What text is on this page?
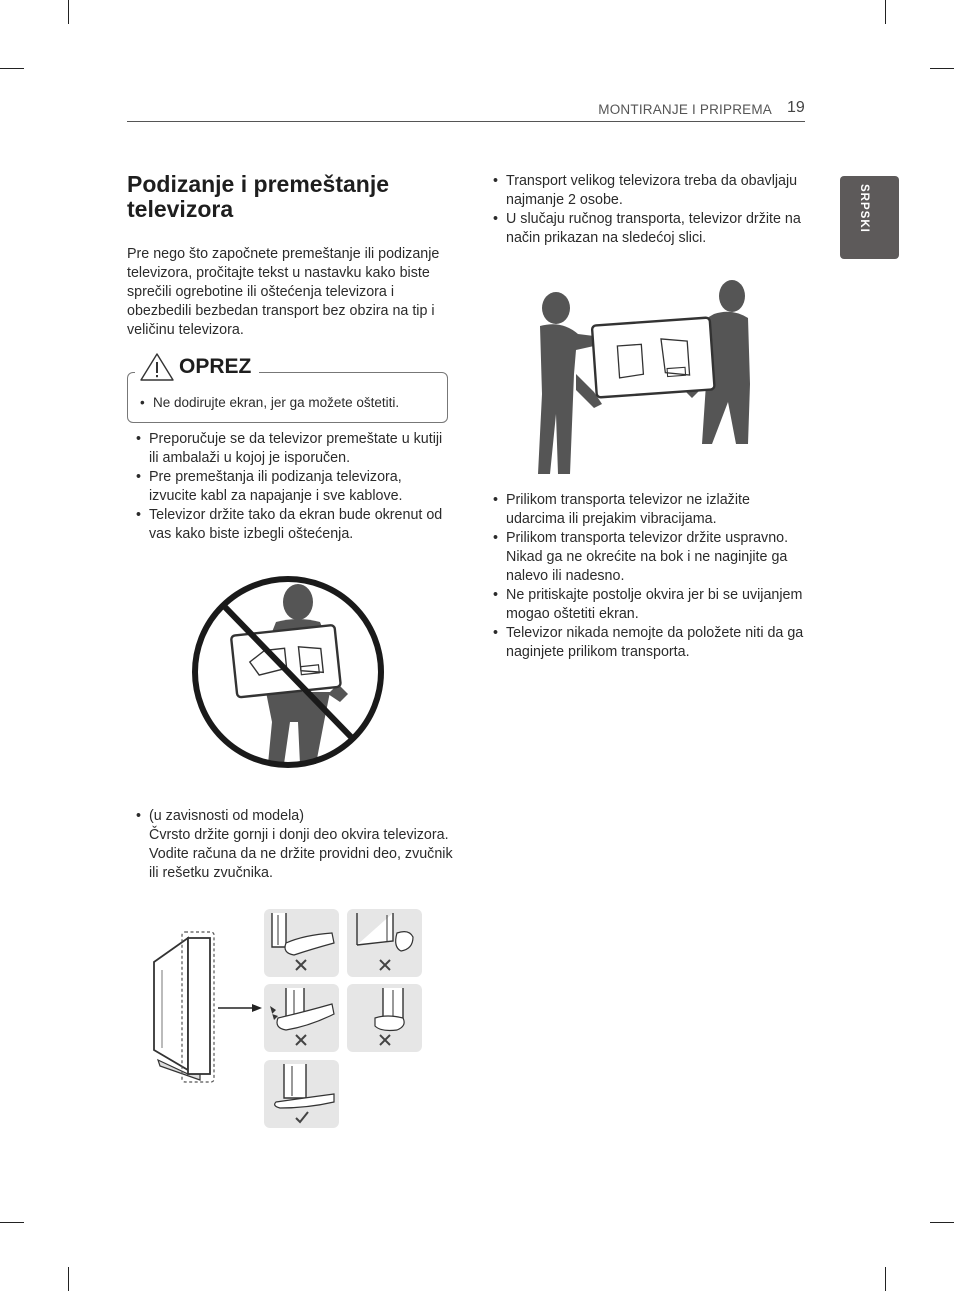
MONTIRANJE I PRIPREMA 19
SRPSKI
Podizanje i premeštanje televizora

Pre nego što započnete premeštanje ili podizanje televizora, pročitajte tekst u nastavku kako biste sprečili ogrebotine ili oštećenja televizora i obezbedili bezbedan transport bez obzira na tip i veličinu televizora.

OPREZ
• Ne dodirujte ekran, jer ga možete oštetiti.
• Preporučuje se da televizor premeštate u kutiji ili ambalaži u kojoj je isporučen.
• Pre premeštanja ili podizanja televizora, izvucite kabl za napajanje i sve kablove.
• Televizor držite tako da ekran bude okrenut od vas kako biste izbegli oštećenja.
• (u zavisnosti od modela)
Čvrsto držite gornji i donji deo okvira televizora. Vodite računa da ne držite providni deo, zvučnik ili rešetku zvučnika.
• Transport velikog televizora treba da obavljaju najmanje 2 osobe.
• U slučaju ručnog transporta, televizor držite na način prikazan na sledećoj slici.
• Prilikom transporta televizor ne izlažite udarcima ili prejakim vibracijama.
• Prilikom transporta televizor držite uspravno. Nikad ga ne okrećite na bok i ne naginjite ga nalevo ili nadesno.
• Ne pritiskajte postolje okvira jer bi se uvijanjem mogao oštetiti ekran.
• Televizor nikada nemojte da položete niti da ga naginjete prilikom transporta.
